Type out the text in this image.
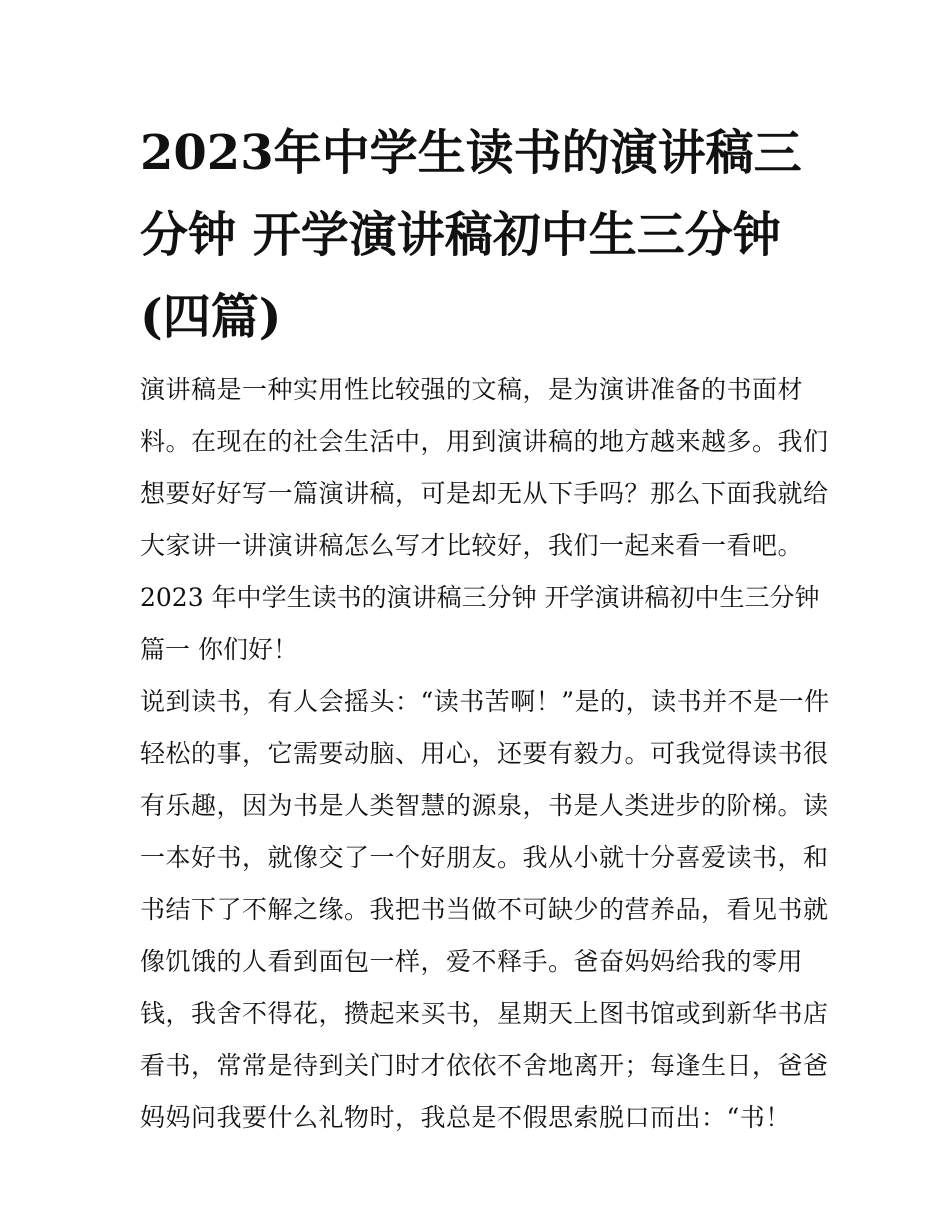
2023年中学生读书的演讲稿三
分钟 开学演讲稿初中生三分钟
(四篇)

演讲稿是一种实用性比较强的文稿，是为演讲准备的书面材
料。在现在的社会生活中，用到演讲稿的地方越来越多。我们
想要好好写一篇演讲稿，可是却无从下手吗？那么下面我就给
大家讲一讲演讲稿怎么写才比较好，我们一起来看一看吧。

2023 年中学生读书的演讲稿三分钟 开学演讲稿初中生三分钟
篇一 你们好！

说到读书，有人会摇头：“读书苦啊！”是的，读书并不是一件
轻松的事，它需要动脑、用心，还要有毅力。可我觉得读书很
有乐趣，因为书是人类智慧的源泉，书是人类进步的阶梯。读
一本好书，就像交了一个好朋友。我从小就十分喜爱读书，和
书结下了不解之缘。我把书当做不可缺少的营养品，看见书就
像饥饿的人看到面包一样，爱不释手。爸奋妈妈给我的零用
钱，我舍不得花，攒起来买书，星期天上图书馆或到新华书店
看书，常常是待到关门时才依依不舍地离开；每逢生日，爸爸
妈妈问我要什么礼物时，我总是不假思索脱口而出：“书！
